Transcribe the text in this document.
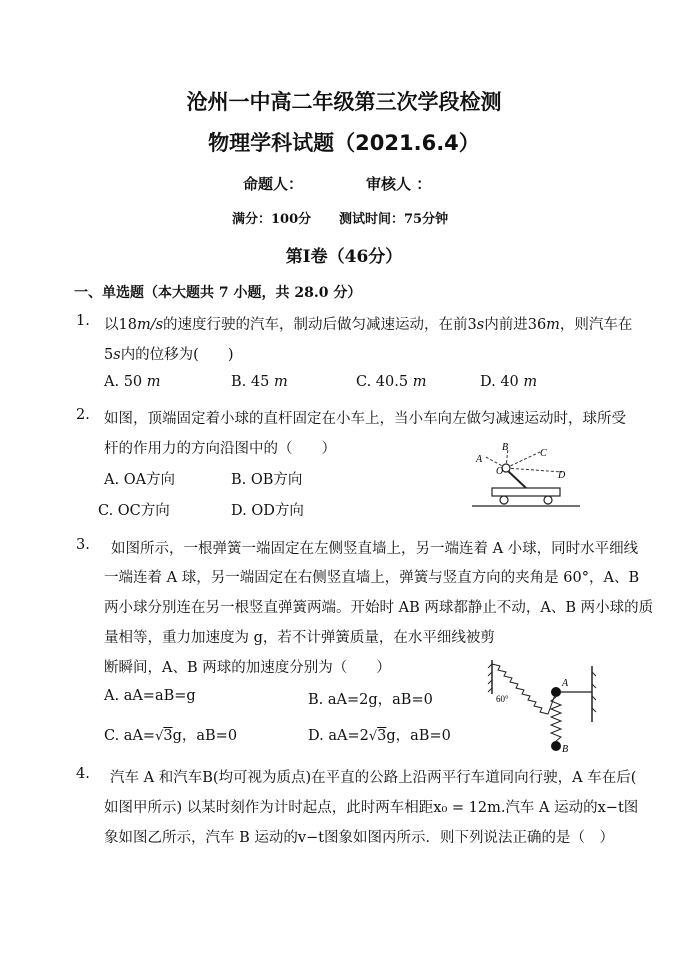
沧州一中高二年级第三次学段检测
物理学科试题（2021.6.4）
命题人：	审核人 ：
满分：100分 测试时间：75分钟
第Ⅰ卷（46分）
一、单选题（本大题共 7 小题，共 28.0 分）
1. 以18m/s的速度行驶的汽车，制动后做匀减速运动，在前3s内前进36m，则汽车在
5s内的位移为(　　)
A. 50 m	B. 45 m	C. 40.5 m	D. 40 m
2. 如图，顶端固定着小球的直杆固定在小车上，当小车向左做匀减速运动时，球所受
杆的作用力的方向沿图中的（　　）
A. OA方向	B. OB方向
C. OC方向	D. OD方向
A
B
C
D
O
3. 如图所示，一根弹簧一端固定在左侧竖直墙上，另一端连着 A 小球，同时水平细线
一端连着 A 球，另一端固定在右侧竖直墙上，弹簧与竖直方向的夹角是 60°，A、B
两小球分别连在另一根竖直弹簧两端。开始时 AB 两球都静止不动，A、B 两小球的质
量相等，重力加速度为 g，若不计弹簧质量，在水平细线被剪
断瞬间，A、B 两球的加速度分别为（　　）
A. aA=aB=g	B. aA=2g，aB=0
C. aA=√3g，aB=0	D. aA=2√3g，aB=0
60°
A
B
4. 汽车 A 和汽车B(均可视为质点)在平直的公路上沿两平行车道同向行驶，A 车在后(
如图甲所示) 以某时刻作为计时起点，此时两车相距x₀ = 12m.汽车 A 运动的x−t图
象如图乙所示，汽车 B 运动的v−t图象如图丙所示．则下列说法正确的是（　）
